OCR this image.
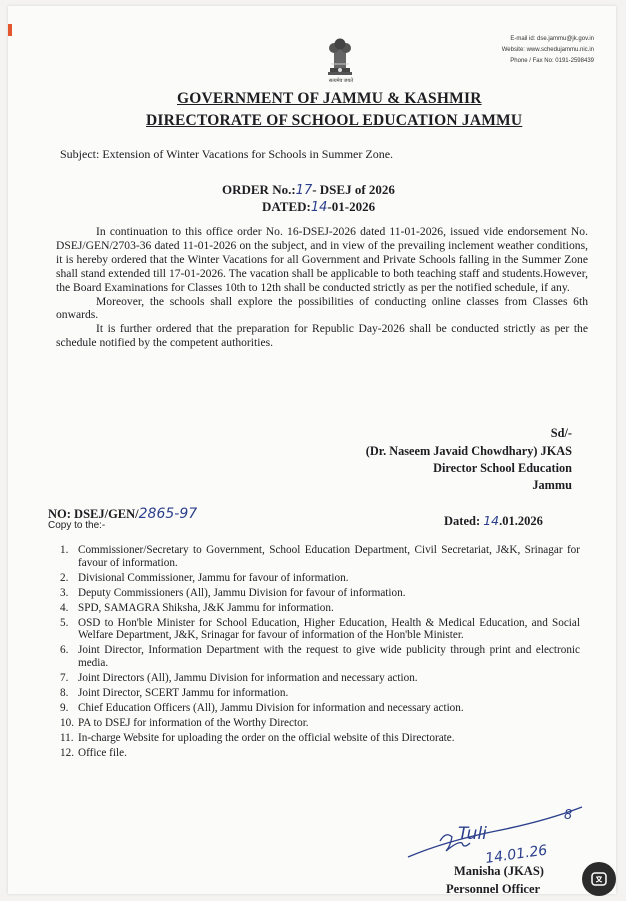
E-mail id: dse.jammu@jk.gov.in
Website: www.schedujammu.nic.in
Phone / Fax No: 0191-2598439
सत्यमेव जयते
GOVERNMENT OF JAMMU & KASHMIR
DIRECTORATE OF SCHOOL EDUCATION JAMMU
Subject: Extension of Winter Vacations for Schools in Summer Zone.
ORDER No.:17- DSEJ of 2026
DATED:14-01-2026

In continuation to this office order No. 16-DSEJ-2026 dated 11-01-2026, issued vide endorsement No. DSEJ/GEN/2703-36 dated 11-01-2026 on the subject, and in view of the prevailing inclement weather conditions, it is hereby ordered that the Winter Vacations for all Government and Private Schools falling in the Summer Zone shall stand extended till 17-01-2026. The vacation shall be applicable to both teaching staff and students.However, the Board Examinations for Classes 10th to 12th shall be conducted strictly as per the notified schedule, if any.

Moreover, the schools shall explore the possibilities of conducting online classes from Classes 6th onwards.

It is further ordered that the preparation for Republic Day-2026 shall be conducted strictly as per the schedule notified by the competent authorities.

Sd/-
(Dr. Naseem Javaid Chowdhary) JKAS
Director School Education
Jammu
NO: DSEJ/GEN/2865-97
Copy to the:-	Dated: 14.01.2026
1. Commissioner/Secretary to Government, School Education Department, Civil Secretariat, J&K, Srinagar for favour of information.
2. Divisional Commissioner, Jammu for favour of information.
3. Deputy Commissioners (All), Jammu Division for favour of information.
4. SPD, SAMAGRA Shiksha, J&K Jammu for information.
5. OSD to Hon'ble Minister for School Education, Higher Education, Health & Medical Education, and Social Welfare Department, J&K, Srinagar for favour of information of the Hon'ble Minister.
6. Joint Director, Information Department with the request to give wide publicity through print and electronic media.
7. Joint Directors (All), Jammu Division for information and necessary action.
8. Joint Director, SCERT Jammu for information.
9. Chief Education Officers (All), Jammu Division for information and necessary action.
10. PA to DSEJ for information of the Worthy Director.
11. In-charge Website for uploading the order on the official website of this Directorate.
12. Office file.
Tuli
14.01.26
8
Manisha (JKAS)
Personnel Officer
